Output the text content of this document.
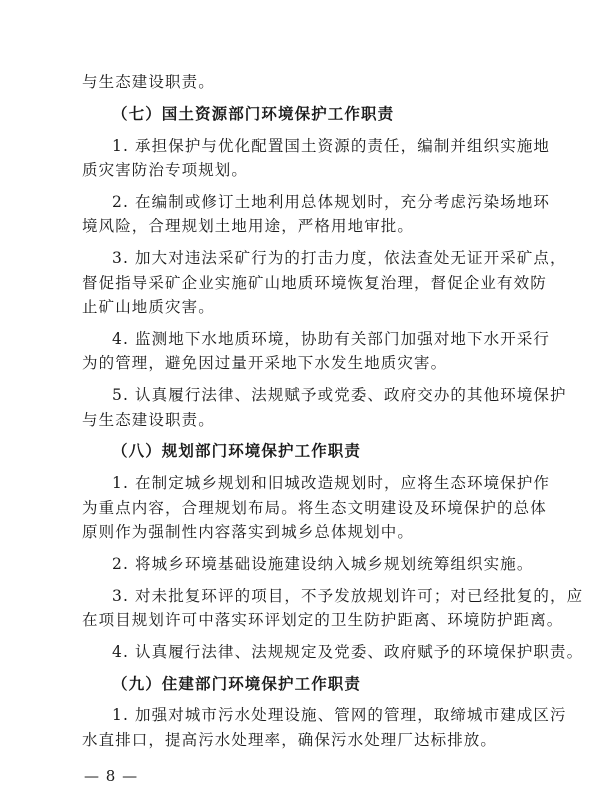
与生态建设职责。
（七）国土资源部门环境保护工作职责
1. 承担保护与优化配置国土资源的责任，编制并组织实施地
质灾害防治专项规划。
2. 在编制或修订土地利用总体规划时，充分考虑污染场地环
境风险，合理规划土地用途，严格用地审批。
3. 加大对违法采矿行为的打击力度，依法查处无证开采矿点，
督促指导采矿企业实施矿山地质环境恢复治理，督促企业有效防
止矿山地质灾害。
4. 监测地下水地质环境，协助有关部门加强对地下水开采行
为的管理，避免因过量开采地下水发生地质灾害。
5. 认真履行法律、法规赋予或党委、政府交办的其他环境保护
与生态建设职责。
（八）规划部门环境保护工作职责
1. 在制定城乡规划和旧城改造规划时，应将生态环境保护作
为重点内容，合理规划布局。将生态文明建设及环境保护的总体
原则作为强制性内容落实到城乡总体规划中。
2. 将城乡环境基础设施建设纳入城乡规划统筹组织实施。
3. 对未批复环评的项目，不予发放规划许可；对已经批复的，应
在项目规划许可中落实环评划定的卫生防护距离、环境防护距离。
4. 认真履行法律、法规规定及党委、政府赋予的环境保护职责。
（九）住建部门环境保护工作职责
1. 加强对城市污水处理设施、管网的管理，取缔城市建成区污
水直排口，提高污水处理率，确保污水处理厂达标排放。
— 8 —
